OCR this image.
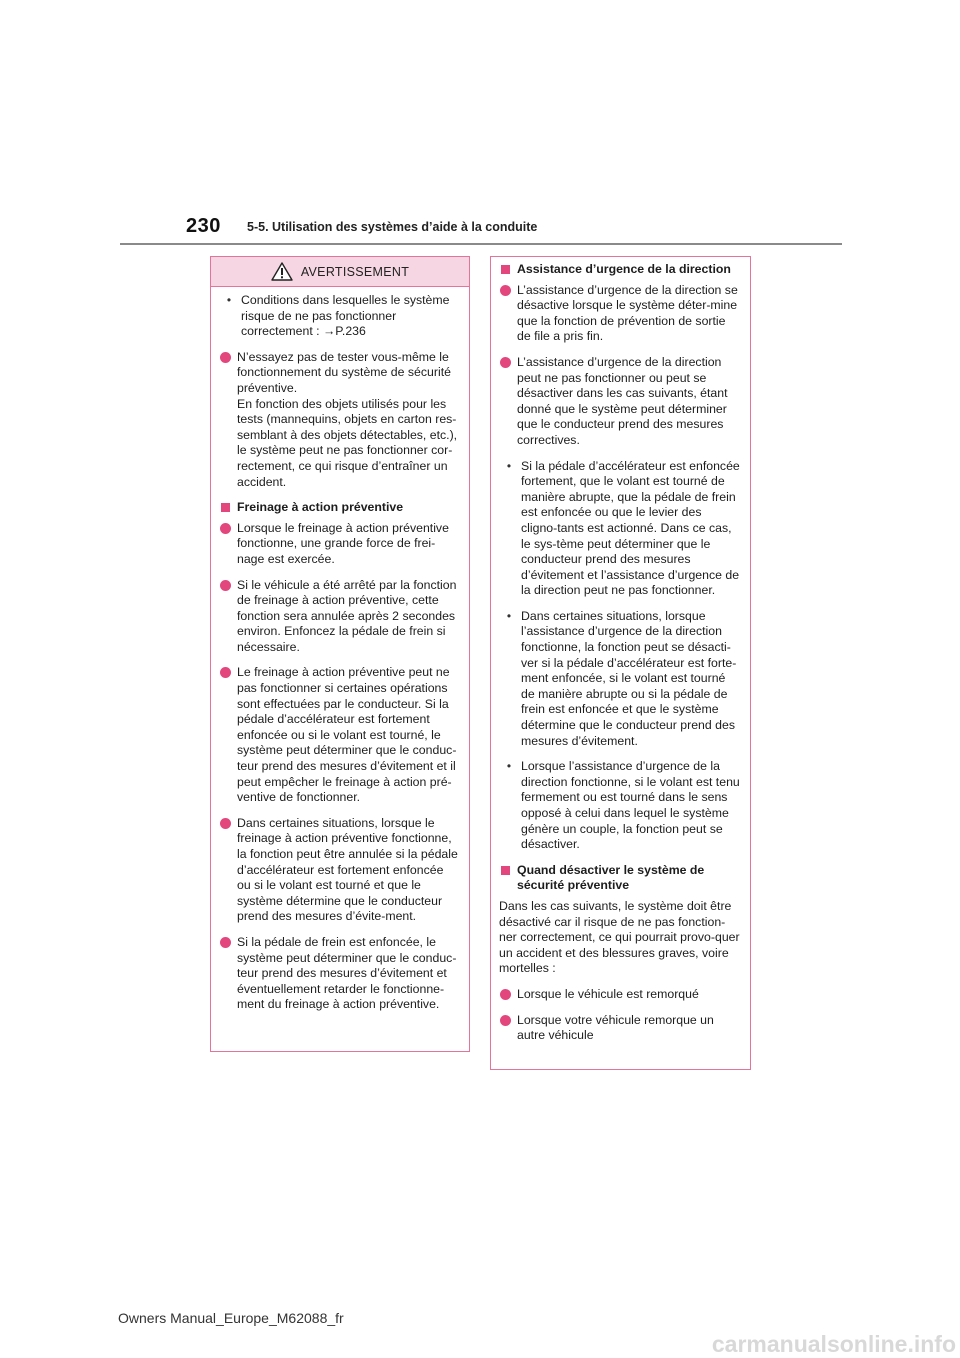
230 5-5. Utilisation des systèmes d’aide à la conduite
AVERTISSEMENT
• Conditions dans lesquelles le système risque de ne pas fonctionner correctement : →P.236
N’essayez pas de tester vous-même le fonctionnement du système de sécurité préventive.
En fonction des objets utilisés pour les tests (mannequins, objets en carton res-semblant à des objets détectables, etc.), le système peut ne pas fonctionner cor-rectement, ce qui risque d’entraîner un accident.
Freinage à action préventive
Lorsque le freinage à action préventive fonctionne, une grande force de frei-nage est exercée.
Si le véhicule a été arrêté par la fonction de freinage à action préventive, cette fonction sera annulée après 2 secondes environ. Enfoncez la pédale de frein si nécessaire.
Le freinage à action préventive peut ne pas fonctionner si certaines opérations sont effectuées par le conducteur. Si la pédale d’accélérateur est fortement enfoncée ou si le volant est tourné, le système peut déterminer que le conduc-teur prend des mesures d’évitement et il peut empêcher le freinage à action pré-ventive de fonctionner.
Dans certaines situations, lorsque le freinage à action préventive fonctionne, la fonction peut être annulée si la pédale d’accélérateur est fortement enfoncée ou si le volant est tourné et que le système détermine que le conducteur prend des mesures d’évite-ment.
Si la pédale de frein est enfoncée, le système peut déterminer que le conduc-teur prend des mesures d’évitement et éventuellement retarder le fonctionne-ment du freinage à action préventive.
Assistance d’urgence de la direction
L’assistance d’urgence de la direction se désactive lorsque le système déter-mine que la fonction de prévention de sortie de file a pris fin.
L’assistance d’urgence de la direction peut ne pas fonctionner ou peut se désactiver dans les cas suivants, étant donné que le système peut déterminer que le conducteur prend des mesures correctives.
• Si la pédale d’accélérateur est enfoncée fortement, que le volant est tourné de manière abrupte, que la pédale de frein est enfoncée ou que le levier des cligno-tants est actionné. Dans ce cas, le sys-tème peut déterminer que le conducteur prend des mesures d’évitement et l’assistance d’urgence de la direction peut ne pas fonctionner.
• Dans certaines situations, lorsque l’assistance d’urgence de la direction fonctionne, la fonction peut se désacti-ver si la pédale d’accélérateur est forte-ment enfoncée, si le volant est tourné de manière abrupte ou si la pédale de frein est enfoncée et que le système détermine que le conducteur prend des mesures d’évitement.
• Lorsque l’assistance d’urgence de la direction fonctionne, si le volant est tenu fermement ou est tourné dans le sens opposé à celui dans lequel le système génère un couple, la fonction peut se désactiver.
Quand désactiver le système de sécurité préventive
Dans les cas suivants, le système doit être désactivé car il risque de ne pas fonction-ner correctement, ce qui pourrait provo-quer un accident et des blessures graves, voire mortelles :
Lorsque le véhicule est remorqué
Lorsque votre véhicule remorque un autre véhicule
Owners Manual_Europe_M62088_fr
carmanualsonline.info
